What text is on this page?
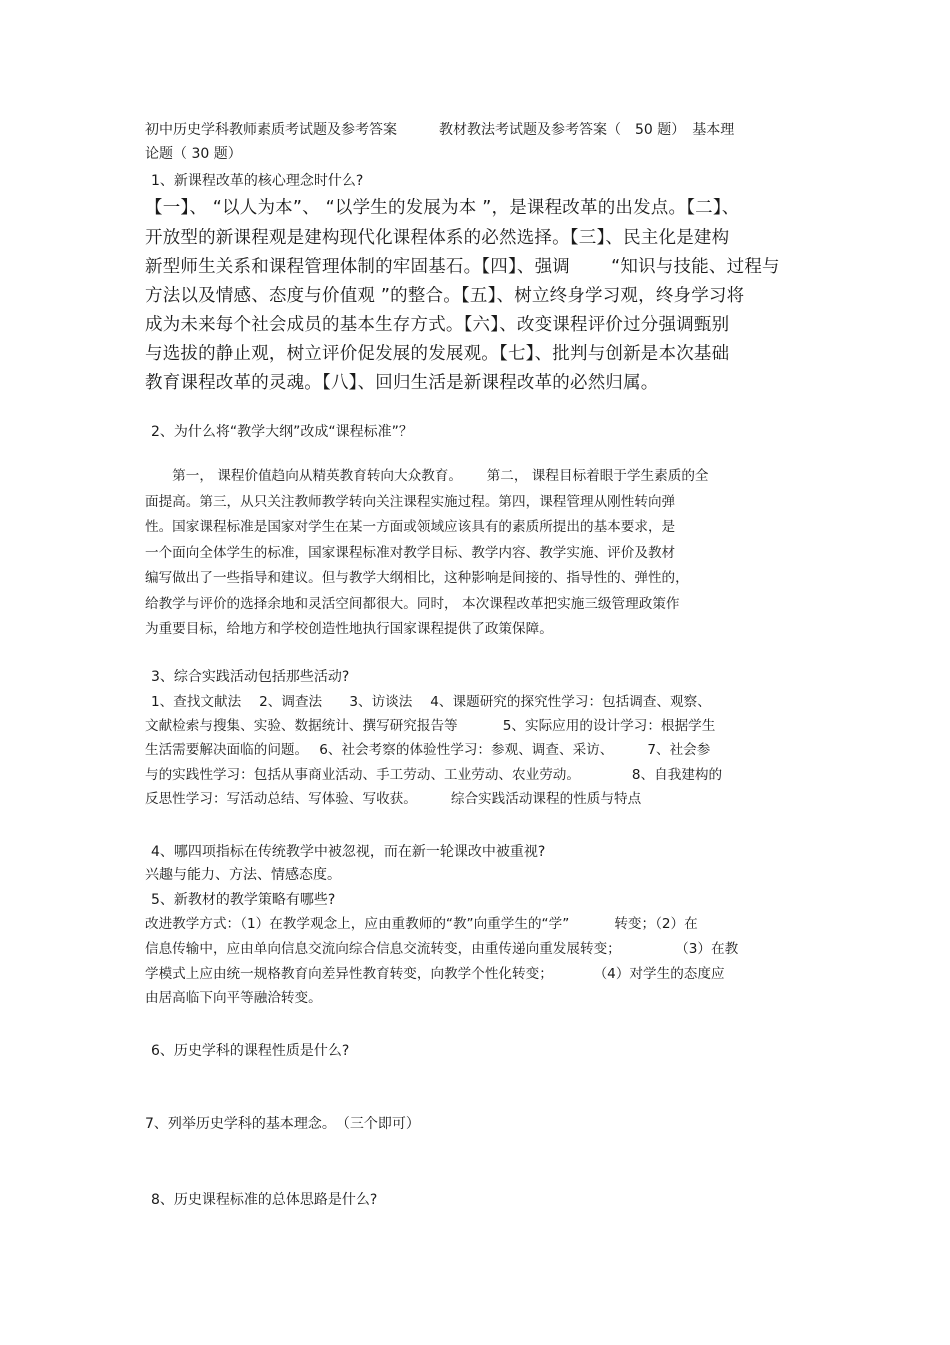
初中历史学科教师素质考试题及参考答案　　　教材教法考试题及参考答案（　50 题）　基本理
论题（ 30 题）
1、新课程改革的核心理念时什么?
【一】、 “以人为本”、 “以学生的发展为本 ”，是课程改革的出发点。【二】、
开放型的新课程观是建构现代化课程体系的必然选择。【三】、民主化是建构
新型师生关系和课程管理体制的牢固基石。【四】、强调　　 “知识与技能、过程与
方法以及情感、态度与价值观 ”的整合。【五】、树立终身学习观，终身学习将
成为未来每个社会成员的基本生存方式。【六】、改变课程评价过分强调甄别
与选拔的静止观，树立评价促发展的发展观。【七】、批判与创新是本次基础
教育课程改革的灵魂。【八】、回归生活是新课程改革的必然归属。
2、为什么将“教学大纲”改成“课程标准”？
　　第一， 课程价值趋向从精英教育转向大众教育。　　 第二， 课程目标着眼于学生素质的全
面提高。第三，从只关注教师教学转向关注课程实施过程。第四，课程管理从刚性转向弹
性。国家课程标准是国家对学生在某一方面或领域应该具有的素质所提出的基本要求，是
一个面向全体学生的标准，国家课程标准对教学目标、教学内容、教学实施、评价及教材
编写做出了一些指导和建议。但与教学大纲相比，这种影响是间接的、指导性的、弹性的，
给教学与评价的选择余地和灵活空间都很大。同时， 本次课程改革把实施三级管理政策作
为重要目标，给地方和学校创造性地执行国家课程提供了政策保障。
3、综合实践活动包括那些活动?
1、查找文献法　 2、调查法　　3、访谈法　 4、课题研究的探究性学习：包括调查、观察、
文献检索与搜集、实验、数据统计、撰写研究报告等　　　 5、实际应用的设计学习：根据学生
生活需要解决面临的问题。　 6、社会考察的体验性学习：参观、调查、采访、　　　7、社会参
与的实践性学习：包括从事商业活动、手工劳动、工业劳动、农业劳动。　　　　 8、自我建构的
反思性学习：写活动总结、写体验、写收获。　　　综合实践活动课程的性质与特点
4、哪四项指标在传统教学中被忽视，而在新一轮课改中被重视?
兴趣与能力、方法、情感态度。
5、新教材的教学策略有哪些?
改进教学方式：（1）在教学观念上，应由重教师的“教”向重学生的“学”　　　 转变；（2）在
信息传输中，应由单向信息交流向综合信息交流转变，由重传递向重发展转变；　　　　　（3）在教
学模式上应由统一规格教育向差异性教育转变，向教学个性化转变；　　　　（4）对学生的态度应
由居高临下向平等融洽转变。
6、历史学科的课程性质是什么?
7、列举历史学科的基本理念。　（三个即可）
8、历史课程标准的总体思路是什么?
